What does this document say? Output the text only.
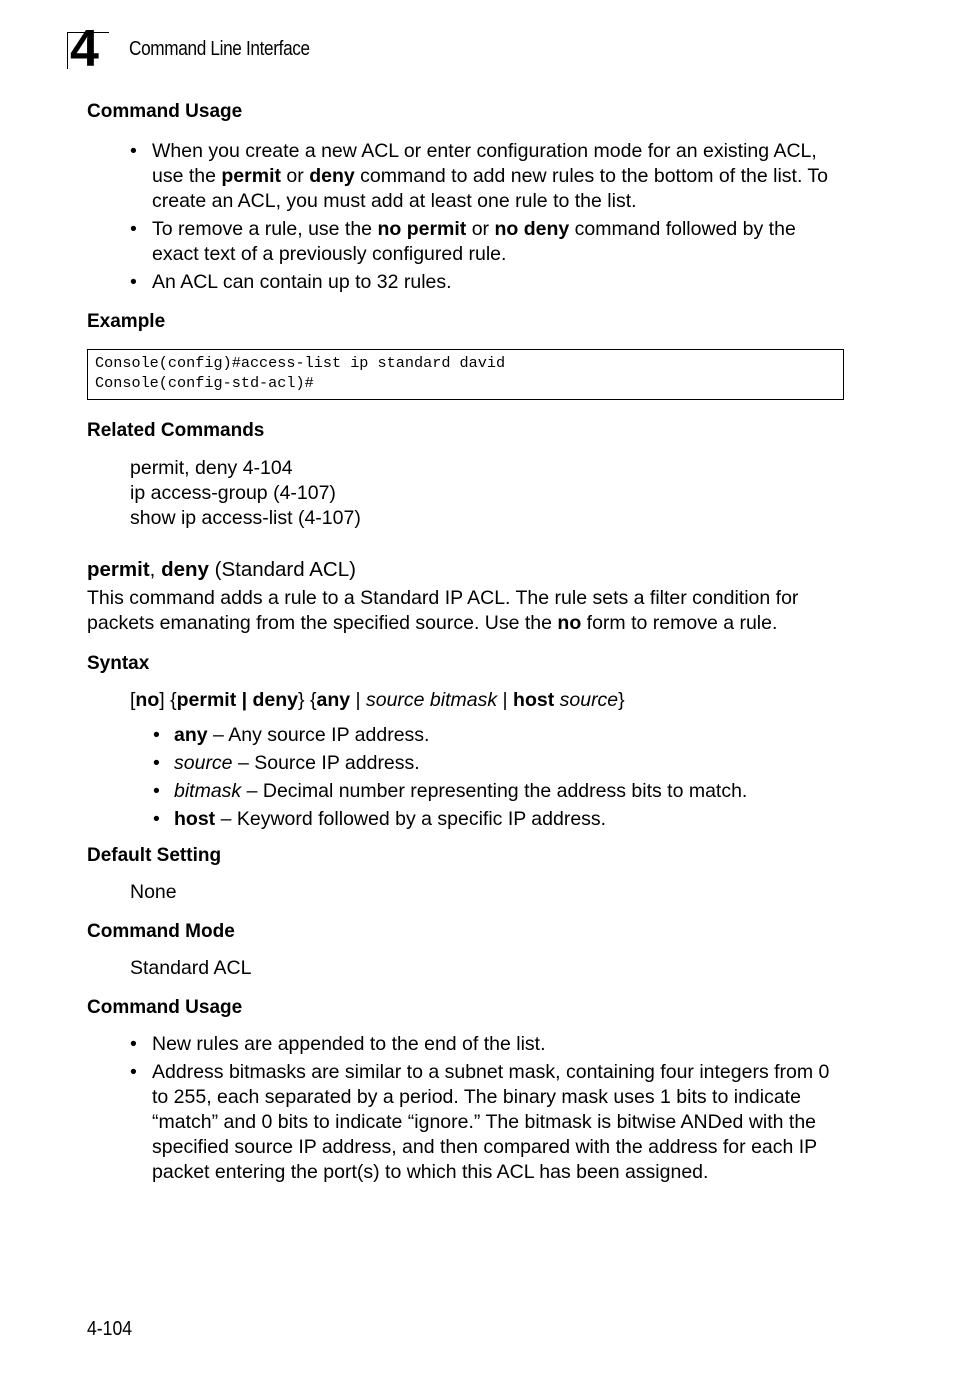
4 Command Line Interface

Command Usage

• When you create a new ACL or enter configuration mode for an existing ACL, use the permit or deny command to add new rules to the bottom of the list. To create an ACL, you must add at least one rule to the list.
• To remove a rule, use the no permit or no deny command followed by the exact text of a previously configured rule.
• An ACL can contain up to 32 rules.

Example

Console(config)#access-list ip standard david
Console(config-std-acl)#

Related Commands

permit, deny 4-104

ip access-group (4-107)

show ip access-list (4-107)

permit, deny (Standard ACL)

This command adds a rule to a Standard IP ACL. The rule sets a filter condition for packets emanating from the specified source. Use the no form to remove a rule.

Syntax

[no] {permit | deny} {any | source bitmask | host source}

• any – Any source IP address.
• source – Source IP address.
• bitmask – Decimal number representing the address bits to match.
• host – Keyword followed by a specific IP address.

Default Setting

None

Command Mode

Standard ACL

Command Usage

• New rules are appended to the end of the list.
• Address bitmasks are similar to a subnet mask, containing four integers from 0 to 255, each separated by a period. The binary mask uses 1 bits to indicate “match” and 0 bits to indicate “ignore.” The bitmask is bitwise ANDed with the specified source IP address, and then compared with the address for each IP packet entering the port(s) to which this ACL has been assigned.
4-104
